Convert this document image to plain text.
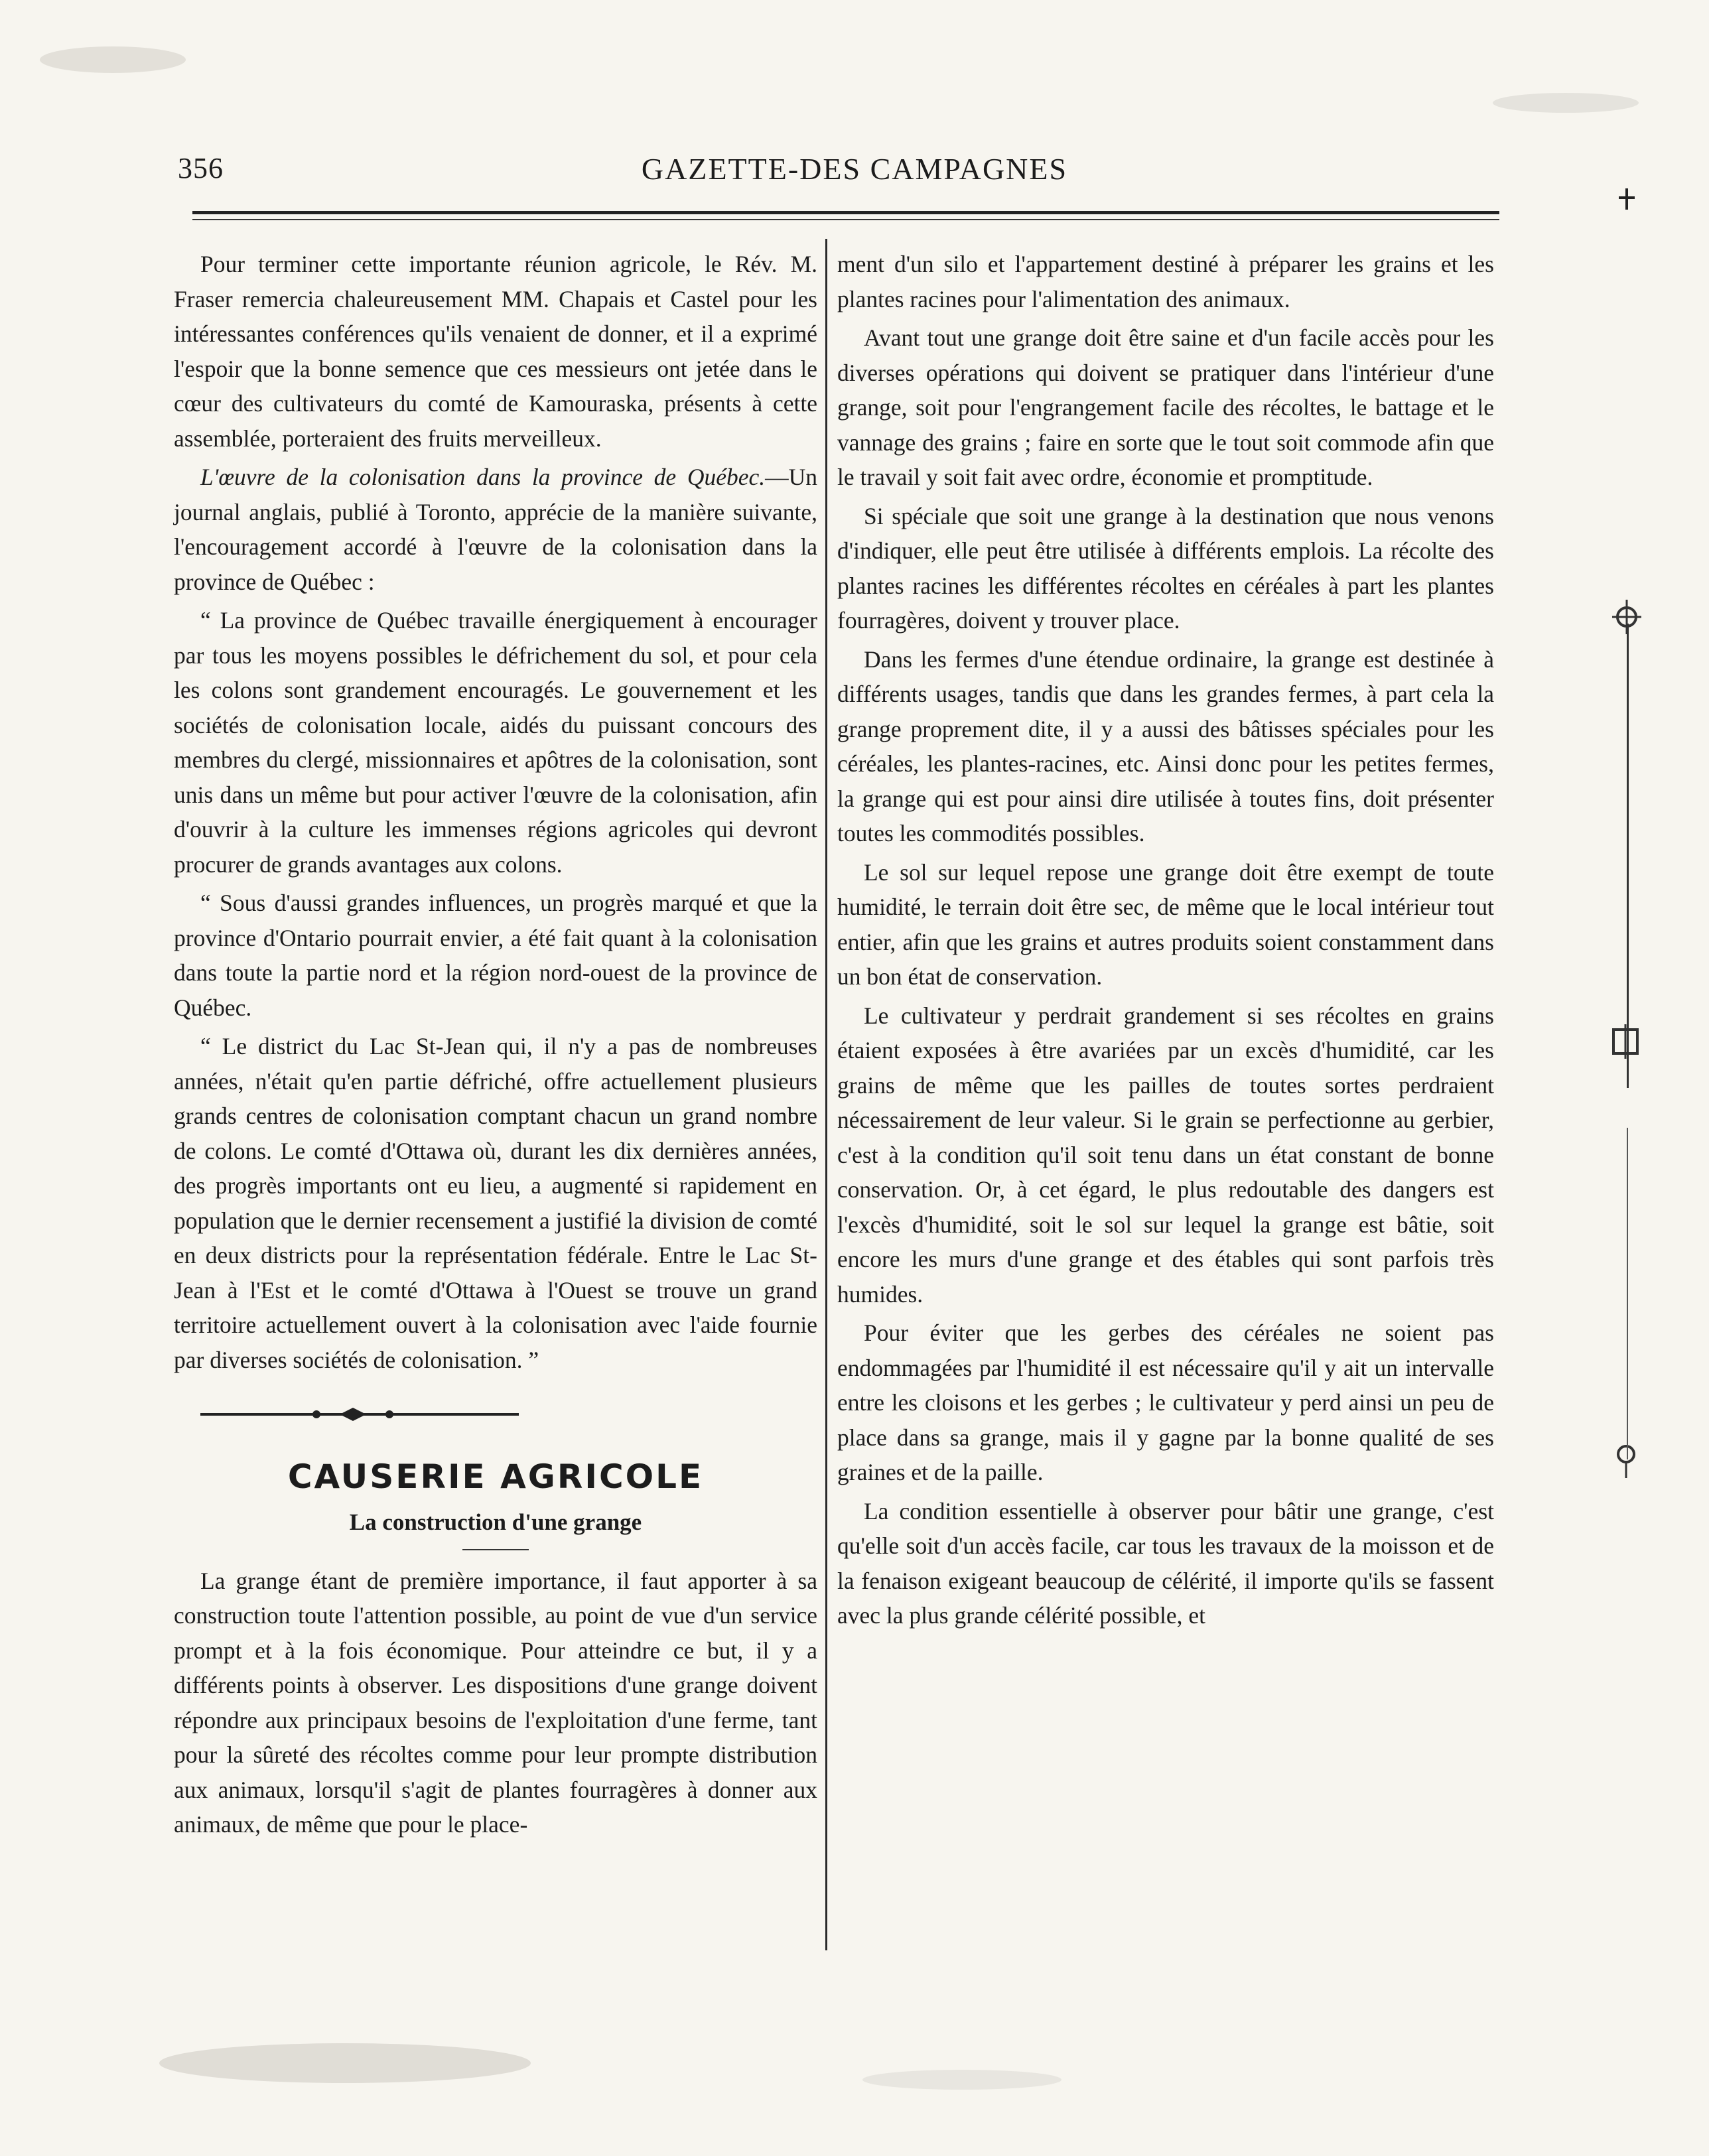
356	GAZETTE-DES CAMPAGNES

Pour terminer cette importante réunion agricole, le Rév. M. Fraser remercia chaleureusement MM. Chapais et Castel pour les intéressantes conférences qu'ils venaient de donner, et il a exprimé l'espoir que la bonne semence que ces messieurs ont jetée dans le cœur des cultivateurs du comté de Kamouraska, présents à cette assemblée, porteraient des fruits merveilleux.

L'œuvre de la colonisation dans la province de Québec.—Un journal anglais, publié à Toronto, apprécie de la manière suivante, l'encouragement accordé à l'œuvre de la colonisation dans la province de Québec :

“ La province de Québec travaille énergiquement à encourager par tous les moyens possibles le défrichement du sol, et pour cela les colons sont grandement encouragés. Le gouvernement et les sociétés de colonisation locale, aidés du puissant concours des membres du clergé, missionnaires et apôtres de la colonisation, sont unis dans un même but pour activer l'œuvre de la colonisation, afin d'ouvrir à la culture les immenses régions agricoles qui devront procurer de grands avantages aux colons.

“ Sous d'aussi grandes influences, un progrès marqué et que la province d'Ontario pourrait envier, a été fait quant à la colonisation dans toute la partie nord et la région nord-ouest de la province de Québec.

“ Le district du Lac St-Jean qui, il n'y a pas de nombreuses années, n'était qu'en partie défriché, offre actuellement plusieurs grands centres de colonisation comptant chacun un grand nombre de colons. Le comté d'Ottawa où, durant les dix dernières années, des progrès importants ont eu lieu, a augmenté si rapidement en population que le dernier recensement a justifié la division de comté en deux districts pour la représentation fédérale. Entre le Lac St-Jean à l'Est et le comté d'Ottawa à l'Ouest se trouve un grand territoire actuellement ouvert à la colonisation avec l'aide fournie par diverses sociétés de colonisation. ”

CAUSERIE AGRICOLE
La construction d'une grange

La grange étant de première importance, il faut apporter à sa construction toute l'attention possible, au point de vue d'un service prompt et à la fois économique. Pour atteindre ce but, il y a différents points à observer. Les dispositions d'une grange doivent répondre aux principaux besoins de l'exploitation d'une ferme, tant pour la sûreté des récoltes comme pour leur prompte distribution aux animaux, lorsqu'il s'agit de plantes fourragères à donner aux animaux, de même que pour le place-

ment d'un silo et l'appartement destiné à préparer les grains et les plantes racines pour l'alimentation des animaux.

Avant tout une grange doit être saine et d'un facile accès pour les diverses opérations qui doivent se pratiquer dans l'intérieur d'une grange, soit pour l'engrangement facile des récoltes, le battage et le vannage des grains ; faire en sorte que le tout soit commode afin que le travail y soit fait avec ordre, économie et promptitude.

Si spéciale que soit une grange à la destination que nous venons d'indiquer, elle peut être utilisée à différents emplois. La récolte des plantes racines les différentes récoltes en céréales à part les plantes fourragères, doivent y trouver place.

Dans les fermes d'une étendue ordinaire, la grange est destinée à différents usages, tandis que dans les grandes fermes, à part cela la grange proprement dite, il y a aussi des bâtisses spéciales pour les céréales, les plantes-racines, etc. Ainsi donc pour les petites fermes, la grange qui est pour ainsi dire utilisée à toutes fins, doit présenter toutes les commodités possibles.

Le sol sur lequel repose une grange doit être exempt de toute humidité, le terrain doit être sec, de même que le local intérieur tout entier, afin que les grains et autres produits soient constamment dans un bon état de conservation.

Le cultivateur y perdrait grandement si ses récoltes en grains étaient exposées à être avariées par un excès d'humidité, car les grains de même que les pailles de toutes sortes perdraient nécessairement de leur valeur. Si le grain se perfectionne au gerbier, c'est à la condition qu'il soit tenu dans un état constant de bonne conservation. Or, à cet égard, le plus redoutable des dangers est l'excès d'humidité, soit le sol sur lequel la grange est bâtie, soit encore les murs d'une grange et des étables qui sont parfois très humides.

Pour éviter que les gerbes des céréales ne soient pas endommagées par l'humidité il est nécessaire qu'il y ait un intervalle entre les cloisons et les gerbes ; le cultivateur y perd ainsi un peu de place dans sa grange, mais il y gagne par la bonne qualité de ses graines et de la paille.

La condition essentielle à observer pour bâtir une grange, c'est qu'elle soit d'un accès facile, car tous les travaux de la moisson et de la fenaison exigeant beaucoup de célérité, il importe qu'ils se fassent avec la plus grande célérité possible, et
